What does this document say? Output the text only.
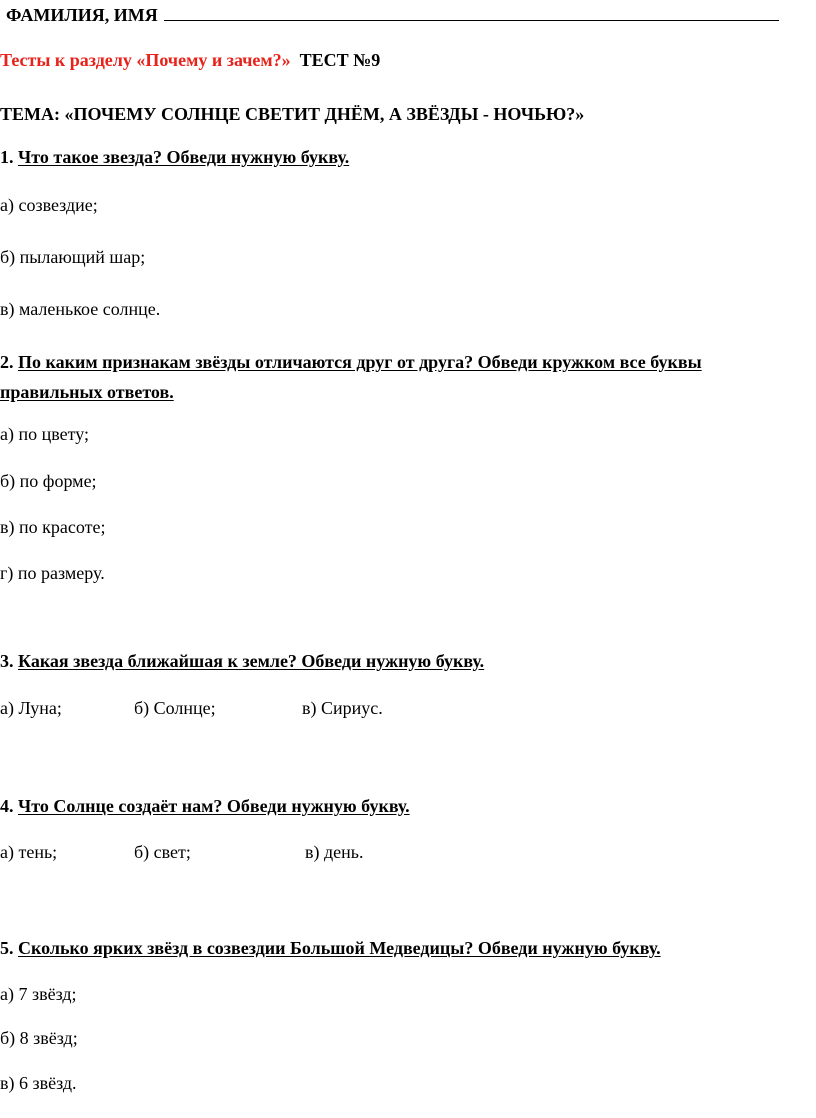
ФАМИЛИЯ, ИМЯ
Тесты к разделу «Почему и зачем?» ТЕСТ №9
ТЕМА: «ПОЧЕМУ СОЛНЦЕ СВЕТИТ ДНЁМ, А ЗВЁЗДЫ - НОЧЬЮ?»
1. Что такое звезда? Обведи нужную букву.
а) созвездие;
б) пылающий шар;
в) маленькое солнце.
2. По каким признакам звёзды отличаются друг от друга? Обведи кружком все буквы
правильных ответов.
а) по цвету;
б) по форме;
в) по красоте;
г) по размеру.
3. Какая звезда ближайшая к земле? Обведи нужную букву.
а) Луна;	б) Солнце;	в) Сириус.
4. Что Солнце создаёт нам? Обведи нужную букву.
а) тень;	б) свет;	в) день.
5. Сколько ярких звёзд в созвездии Большой Медведицы? Обведи нужную букву.
а) 7 звёзд;
б) 8 звёзд;
в) 6 звёзд.
